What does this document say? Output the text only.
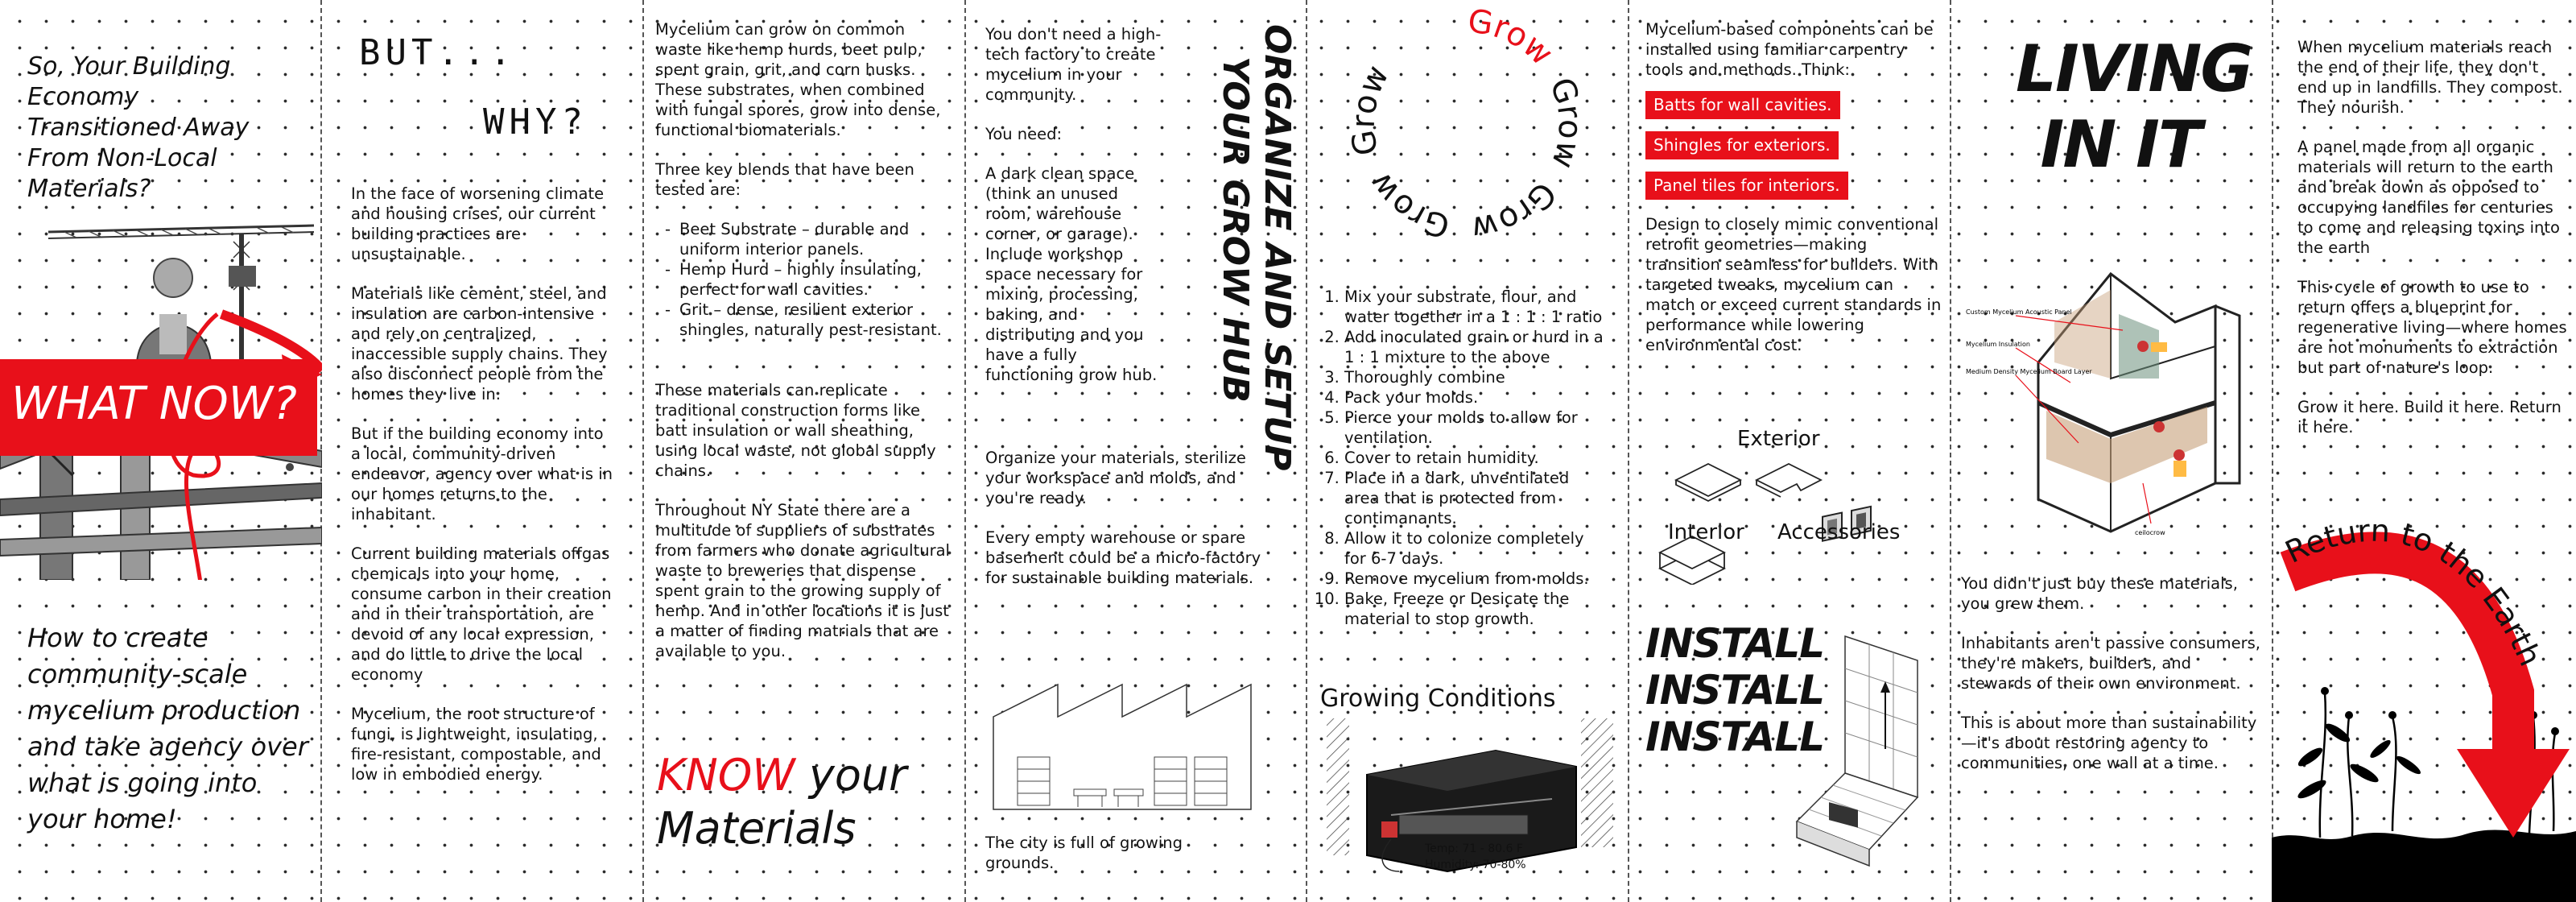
So, Your Building Economy Transitioned Away From Non-Local Materials?
WHAT NOW?
How to create community-scale mycelium production and take agency over what is going into your home!
BUT...
WHY?

In the face of worsening climate and housing crises, our current building practices are unsustainable.

Materials like cement, steel, and insulation are carbon-intensive and rely on centralized, inaccessible supply chains. They also disconnect people from the homes they live in.

But if the building economy into a local, community-driven endeavor, agency over what is in our homes returns to the inhabitant.

Current building materials offgas chemicals into your home, consume carbon in their creation and in their transportation, are devoid of any local expression, and do little to drive the local economy

Mycelium, the root structure of fungi, is lightweight, insulating, fire-resistant, compostable, and low in embodied energy.

Mycelium can grow on common waste like hemp hurds, beet pulp, spent grain, grit, and corn husks. These substrates, when combined with fungal spores, grow into dense, functional biomaterials.

Three key blends that have been tested are:

- Beet Substrate – durable and uniform interior panels.
- Hemp Hurd – highly insulating, perfect for wall cavities.
- Grit – dense, resilient exterior shingles, naturally pest-resistant.

These materials can replicate traditional construction forms like batt insulation or wall sheathing, using local waste, not global supply chains.

Throughout NY State there are a multitude of suppliers of substrates from farmers who donate agricultural waste to breweries that dispense spent grain to the growing supply of hemp. And in other locations it is just a matter of finding matrials that are available to you.

KNOW your
Materials

You don't need a high-tech factory to create mycelium in your community.

You need:

A dark clean space (think an unused room, warehouse corner, or garage). Include workshop space necessary for mixing, processing, baking, and distributing and you have a fully functioning grow hub.

Organize your materials, sterilize your workspace and molds, and you're ready.

Every empty warehouse or spare basement could be a micro-factory for sustainable building materials.

ORGANIZE AND SETUP
YOUR GROW HUB
The city is full of growing grounds.
Grow Grow Grow Grow Grow
1. Mix your substrate, flour, and water together in a 1 : 1 : 1 ratio
2. Add inoculated grain or hurd in a 1 : 1 mixture to the above
3. Thoroughly combine
4. Pack your molds.
5. Pierce your molds to allow for ventilation.
6. Cover to retain humidity.
7. Place in a dark, unventilated area that is protected from contimanants.
8. Allow it to colonize completely for 6-7 days.
9. Remove mycelium from molds.
10. Bake, Freeze or Desicate the material to stop growth.
Growing Conditions
Temp: 71 - 80.6 F
Humidity: 70-80%

Mycelium-based components can be installed using familiar carpentry tools and methods. Think:

Batts for wall cavities.
Shingles for exteriors.
Panel tiles for interiors.

Design to closely mimic conventional retrofit geometries—making transition seamless for builders. With targeted tweaks, mycelium can match or exceed current standards in performance while lowering environmental cost.

Exterior
Interior Accessories
INSTALL
INSTALL
INSTALL
LIVING
IN IT
Custom Mycelium Acoustic Panel
Mycelium Insulation
Medium Density Mycelium Board Layer
ceilocrow

You didn't just buy these materials, you grew them.

Inhabitants aren't passive consumers, they're makers, builders, and stewards of their own environment.

This is about more than sustainability—it's about restoring agency to communities, one wall at a time.

When mycelium materials reach the end of their life, they don't end up in landfills. They compost. They nourish.

A panel made from all organic materials will return to the earth and break down as opposed to occupying landfiles for centuries to come and releasing toxins into the earth

This cycle of growth to use to return offers a blueprint for regenerative living—where homes are not monuments to extraction but part of nature's loop.

Grow it here. Build it here. Return it here.

Return to the Earth
